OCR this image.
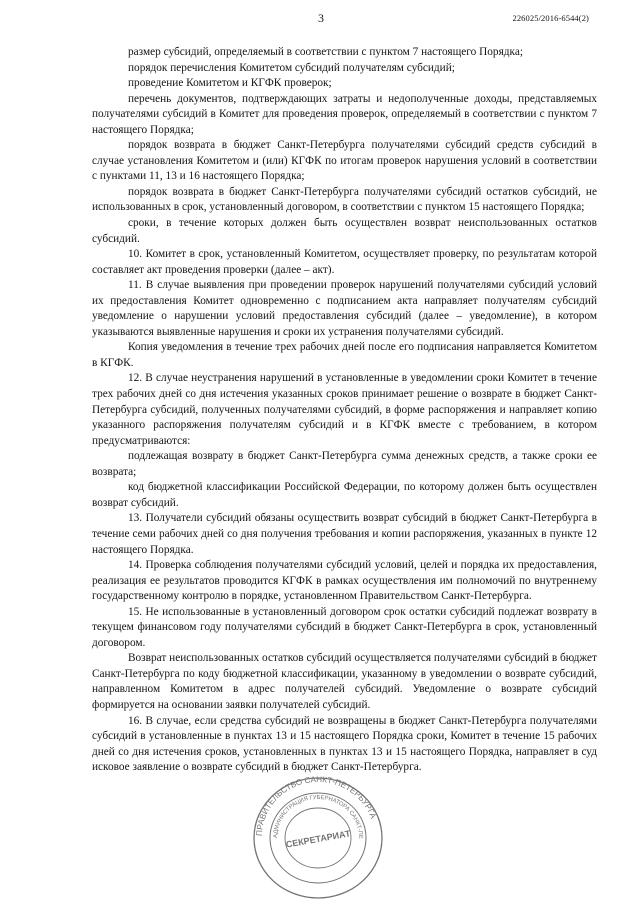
3	226025/2016-6544(2)

размер субсидий, определяемый в соответствии с пунктом 7 настоящего Порядка;

порядок перечисления Комитетом субсидий получателям субсидий;

проведение Комитетом и КГФК проверок;

перечень документов, подтверждающих затраты и недополученные доходы, представляемых получателями субсидий в Комитет для проведения проверок, определяемый в соответствии с пунктом 7 настоящего Порядка;

порядок возврата в бюджет Санкт-Петербурга получателями субсидий средств субсидий в случае установления Комитетом и (или) КГФК по итогам проверок нарушения условий в соответствии с пунктами 11, 13 и 16 настоящего Порядка;

порядок возврата в бюджет Санкт-Петербурга получателями субсидий остатков субсидий, не использованных в срок, установленный договором, в соответствии с пунктом 15 настоящего Порядка;

сроки, в течение которых должен быть осуществлен возврат неиспользованных остатков субсидий.

10. Комитет в срок, установленный Комитетом, осуществляет проверку, по результатам которой составляет акт проведения проверки (далее – акт).

11. В случае выявления при проведении проверок нарушений получателями субсидий условий их предоставления Комитет одновременно с подписанием акта направляет получателям субсидий уведомление о нарушении условий предоставления субсидий (далее – уведомление), в котором указываются выявленные нарушения и сроки их устранения получателями субсидий.

Копия уведомления в течение трех рабочих дней после его подписания направляется Комитетом в КГФК.

12. В случае неустранения нарушений в установленные в уведомлении сроки Комитет в течение трех рабочих дней со дня истечения указанных сроков принимает решение о возврате в бюджет Санкт-Петербурга субсидий, полученных получателями субсидий, в форме распоряжения и направляет копию указанного распоряжения получателям субсидий и в КГФК вместе с требованием, в котором предусматриваются:

подлежащая возврату в бюджет Санкт-Петербурга сумма денежных средств, а также сроки ее возврата;

код бюджетной классификации Российской Федерации, по которому должен быть осуществлен возврат субсидий.

13. Получатели субсидий обязаны осуществить возврат субсидий в бюджет Санкт-Петербурга в течение семи рабочих дней со дня получения требования и копии распоряжения, указанных в пункте 12 настоящего Порядка.

14. Проверка соблюдения получателями субсидий условий, целей и порядка их предоставления, реализация ее результатов проводится КГФК в рамках осуществления им полномочий по внутреннему государственному контролю в порядке, установленном Правительством Санкт-Петербурга.

15. Не использованные в установленный договором срок остатки субсидий подлежат возврату в текущем финансовом году получателями субсидий в бюджет Санкт-Петербурга в срок, установленный договором.

Возврат неиспользованных остатков субсидий осуществляется получателями субсидий в бюджет Санкт-Петербурга по коду бюджетной классификации, указанному в уведомлении о возврате субсидий, направленном Комитетом в адрес получателей субсидий. Уведомление о возврате субсидий формируется на основании заявки получателей субсидий.

16. В случае, если средства субсидий не возвращены в бюджет Санкт-Петербурга получателями субсидий в установленные в пунктах 13 и 15 настоящего Порядка сроки, Комитет в течение 15 рабочих дней со дня истечения сроков, установленных в пунктах 13 и 15 настоящего Порядка, направляет в суд исковое заявление о возврате субсидий в бюджет Санкт-Петербурга.

ПРАВИТЕЛЬСТВО САНКТ-ПЕТЕРБУРГА
АДМИНИСТРАЦИЯ ГУБЕРНАТОРА САНКТ-ПЕ
СЕКРЕТАРИАТ
